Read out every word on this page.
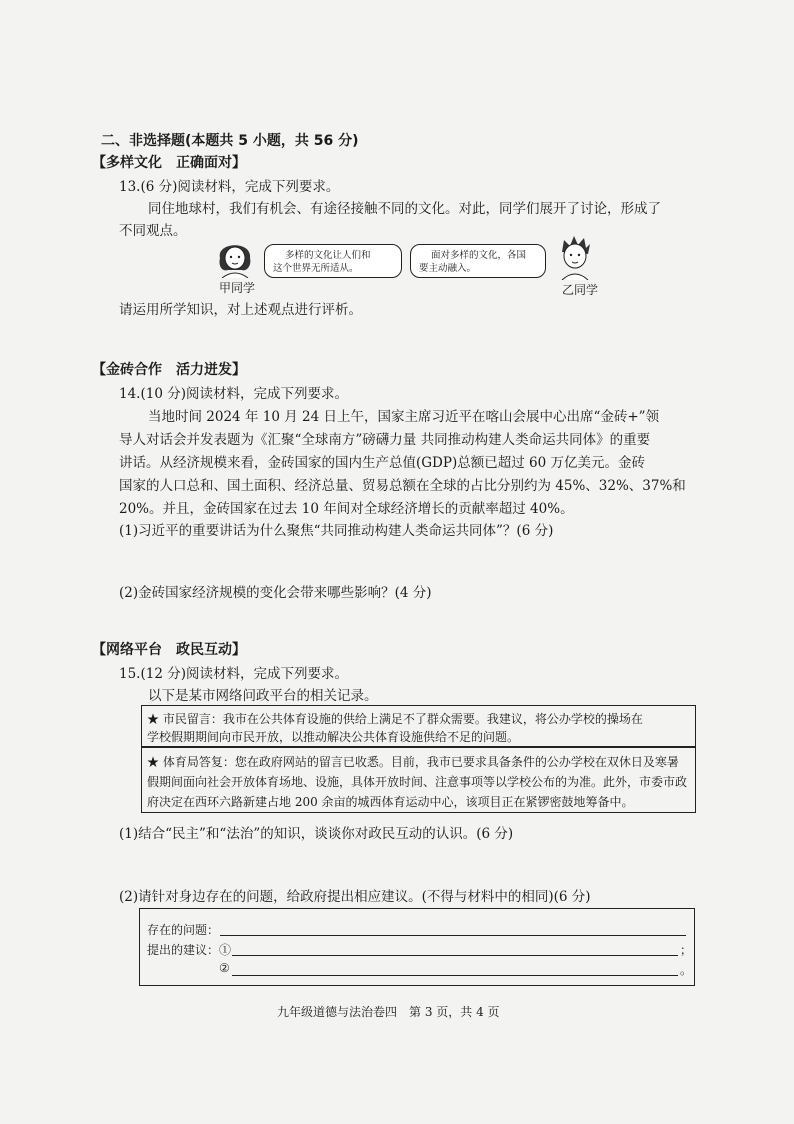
二、非选择题(本题共 5 小题，共 56 分)
【多样文化　正确面对】
13.(6 分)阅读材料，完成下列要求。
同住地球村，我们有机会、有途径接触不同的文化。对此，同学们展开了讨论，形成了
不同观点。
甲同学
多样的文化让人们和
这个世界无所适从。
面对多样的文化，各国
要主动融入。
乙同学
请运用所学知识，对上述观点进行评析。
【金砖合作　活力迸发】
14.(10 分)阅读材料，完成下列要求。
当地时间 2024 年 10 月 24 日上午，国家主席习近平在喀山会展中心出席“金砖+”领
导人对话会并发表题为《汇聚“全球南方”磅礴力量 共同推动构建人类命运共同体》的重要
讲话。从经济规模来看，金砖国家的国内生产总值(GDP)总额已超过 60 万亿美元。金砖
国家的人口总和、国土面积、经济总量、贸易总额在全球的占比分别约为 45%、32%、37%和
20%。并且，金砖国家在过去 10 年间对全球经济增长的贡献率超过 40%。
(1)习近平的重要讲话为什么聚焦“共同推动构建人类命运共同体”？(6 分)
(2)金砖国家经济规模的变化会带来哪些影响？(4 分)
【网络平台　政民互动】
15.(12 分)阅读材料，完成下列要求。
以下是某市网络问政平台的相关记录。
★ 市民留言：我市在公共体育设施的供给上满足不了群众需要。我建议，将公办学校的操场在
学校假期期间向市民开放，以推动解决公共体育设施供给不足的问题。
★ 体育局答复：您在政府网站的留言已收悉。目前，我市已要求具备条件的公办学校在双休日及寒暑
假期间面向社会开放体育场地、设施，具体开放时间、注意事项等以学校公布的为准。此外，市委市政
府决定在西环六路新建占地 200 余亩的城西体育运动中心，该项目正在紧锣密鼓地筹备中。
(1)结合“民主”和“法治”的知识，谈谈你对政民互动的认识。(6 分)
(2)请针对身边存在的问题，给政府提出相应建议。(不得与材料中的相同)(6 分)
存在的问题：
提出的建议：①	；
②	。
九年级道德与法治卷四　第 3 页，共 4 页
